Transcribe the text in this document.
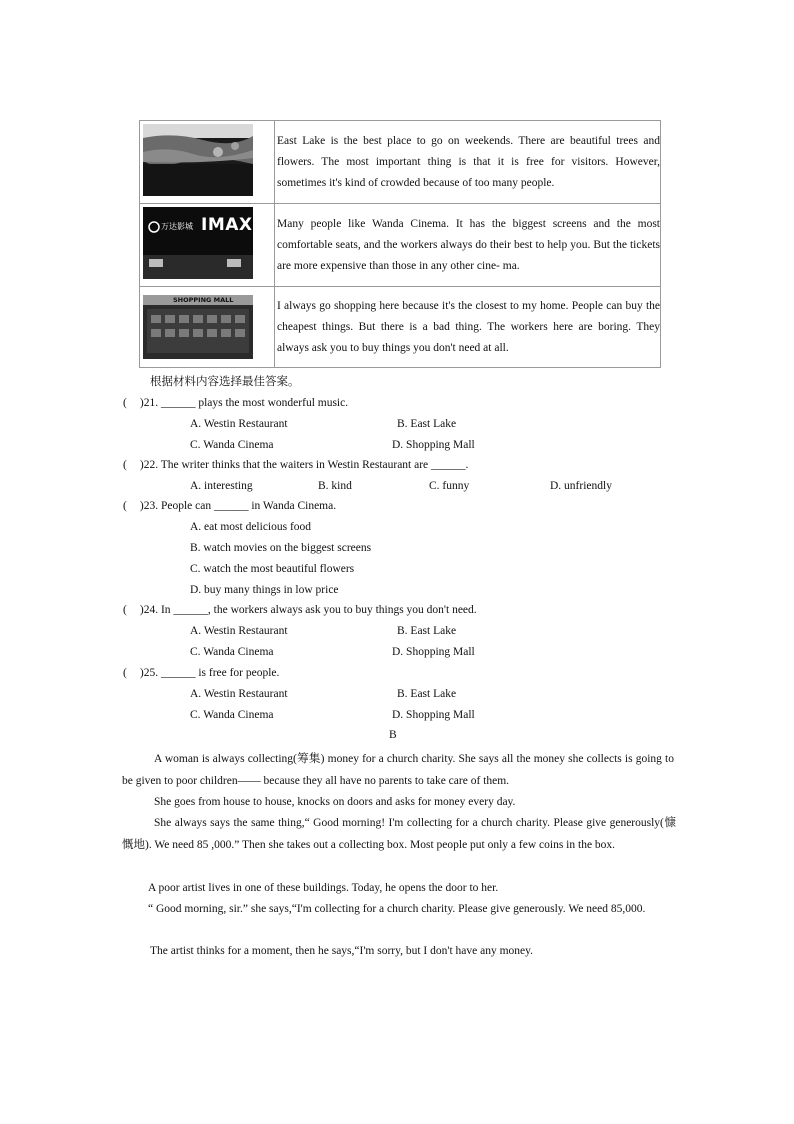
	East Lake is the best place to go on weekends. There are beautiful trees and flowers. The most important thing is that it is free for visitors. However, sometimes it's kind of crowded because of too many people.

万达影城 IMAX	Many people like Wanda Cinema. It has the biggest screens and the most comfortable seats, and the workers always do their best to help you. But the tickets are more expensive than those in any other cine- ma.

SHOPPING MALL	I always go shopping here because it's the closest to my home. People can buy the cheapest things. But there is a bad thing. The workers here are boring. They always ask you to buy things you don't need at all.
根据材料内容选择最佳答案。
( )21. ______ plays the most wonderful music.
A. Westin Restaurant	B. East Lake
C. Wanda Cinema	D. Shopping Mall
( )22. The writer thinks that the waiters in Westin Restaurant are ______.
A. interesting	B. kind	C. funny	D. unfriendly
( )23. People can ______ in Wanda Cinema.
A. eat most delicious food
B. watch movies on the biggest screens
C. watch the most beautiful flowers
D. buy many things in low price
( )24. In ______, the workers always ask you to buy things you don't need.
A. Westin Restaurant	B. East Lake
C. Wanda Cinema	D. Shopping Mall
( )25. ______ is free for people.
A. Westin Restaurant	B. East Lake
C. Wanda Cinema	D. Shopping Mall
B
A woman is always collecting(筹集) money for a church charity. She says all the money she collects is going to be given to poor children—— because they all have no parents to take care of them.
She goes from house to house, knocks on doors and asks for money every day.
She always says the same thing,“ Good morning! I'm collecting for a church charity. Please give generously(慷慨地). We need 85 ,000.” Then she takes out a collecting box. Most people put only a few coins in the box.
A poor artist lives in one of these buildings. Today, he opens the door to her.
“ Good morning, sir.” she says,“I'm collecting for a church charity. Please give generously. We need 85,000.
The artist thinks for a moment, then he says,“I'm sorry, but I don't have any money.
